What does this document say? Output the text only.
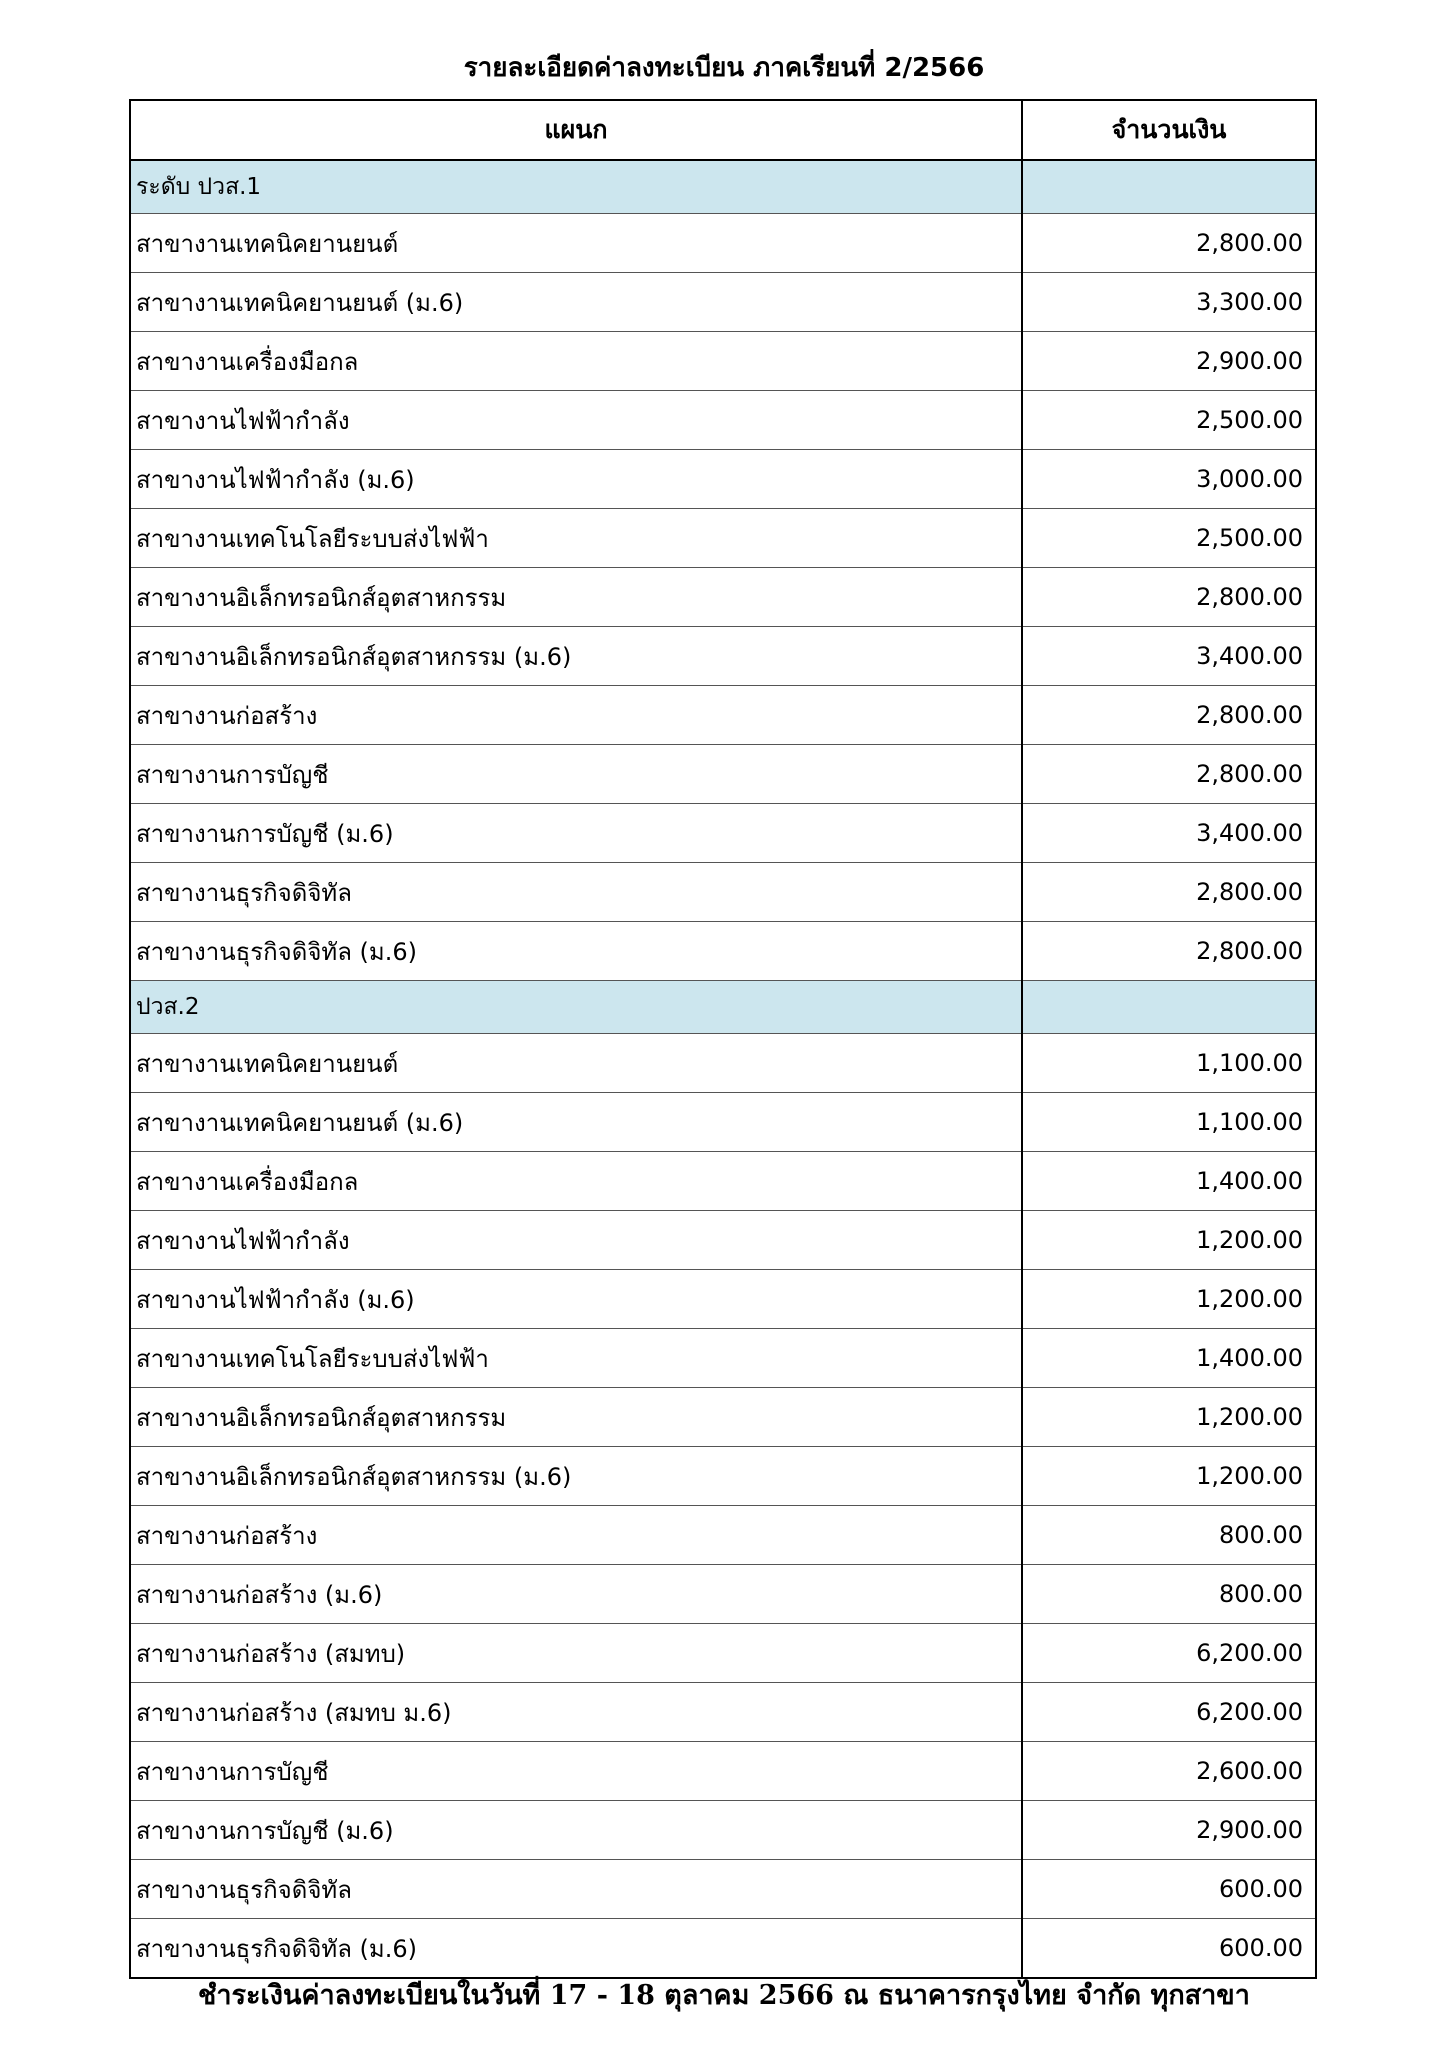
รายละเอียดค่าลงทะเบียน ภาคเรียนที่ 2/2566
แผนก	จำนวนเงิน
ระดับ ปวส.1	
สาขางานเทคนิคยานยนต์	2,800.00
สาขางานเทคนิคยานยนต์ (ม.6)	3,300.00
สาขางานเครื่องมือกล	2,900.00
สาขางานไฟฟ้ากำลัง	2,500.00
สาขางานไฟฟ้ากำลัง (ม.6)	3,000.00
สาขางานเทคโนโลยีระบบส่งไฟฟ้า	2,500.00
สาขางานอิเล็กทรอนิกส์อุตสาหกรรม	2,800.00
สาขางานอิเล็กทรอนิกส์อุตสาหกรรม (ม.6)	3,400.00
สาขางานก่อสร้าง	2,800.00
สาขางานการบัญชี	2,800.00
สาขางานการบัญชี (ม.6)	3,400.00
สาขางานธุรกิจดิจิทัล	2,800.00
สาขางานธุรกิจดิจิทัล (ม.6)	2,800.00
ปวส.2	
สาขางานเทคนิคยานยนต์	1,100.00
สาขางานเทคนิคยานยนต์ (ม.6)	1,100.00
สาขางานเครื่องมือกล	1,400.00
สาขางานไฟฟ้ากำลัง	1,200.00
สาขางานไฟฟ้ากำลัง (ม.6)	1,200.00
สาขางานเทคโนโลยีระบบส่งไฟฟ้า	1,400.00
สาขางานอิเล็กทรอนิกส์อุตสาหกรรม	1,200.00
สาขางานอิเล็กทรอนิกส์อุตสาหกรรม (ม.6)	1,200.00
สาขางานก่อสร้าง	800.00
สาขางานก่อสร้าง (ม.6)	800.00
สาขางานก่อสร้าง (สมทบ)	6,200.00
สาขางานก่อสร้าง (สมทบ ม.6)	6,200.00
สาขางานการบัญชี	2,600.00
สาขางานการบัญชี (ม.6)	2,900.00
สาขางานธุรกิจดิจิทัล	600.00
สาขางานธุรกิจดิจิทัล (ม.6)	600.00
ชำระเงินค่าลงทะเบียนในวันที่ 17 - 18 ตุลาคม 2566 ณ ธนาคารกรุงไทย จำกัด ทุกสาขา
